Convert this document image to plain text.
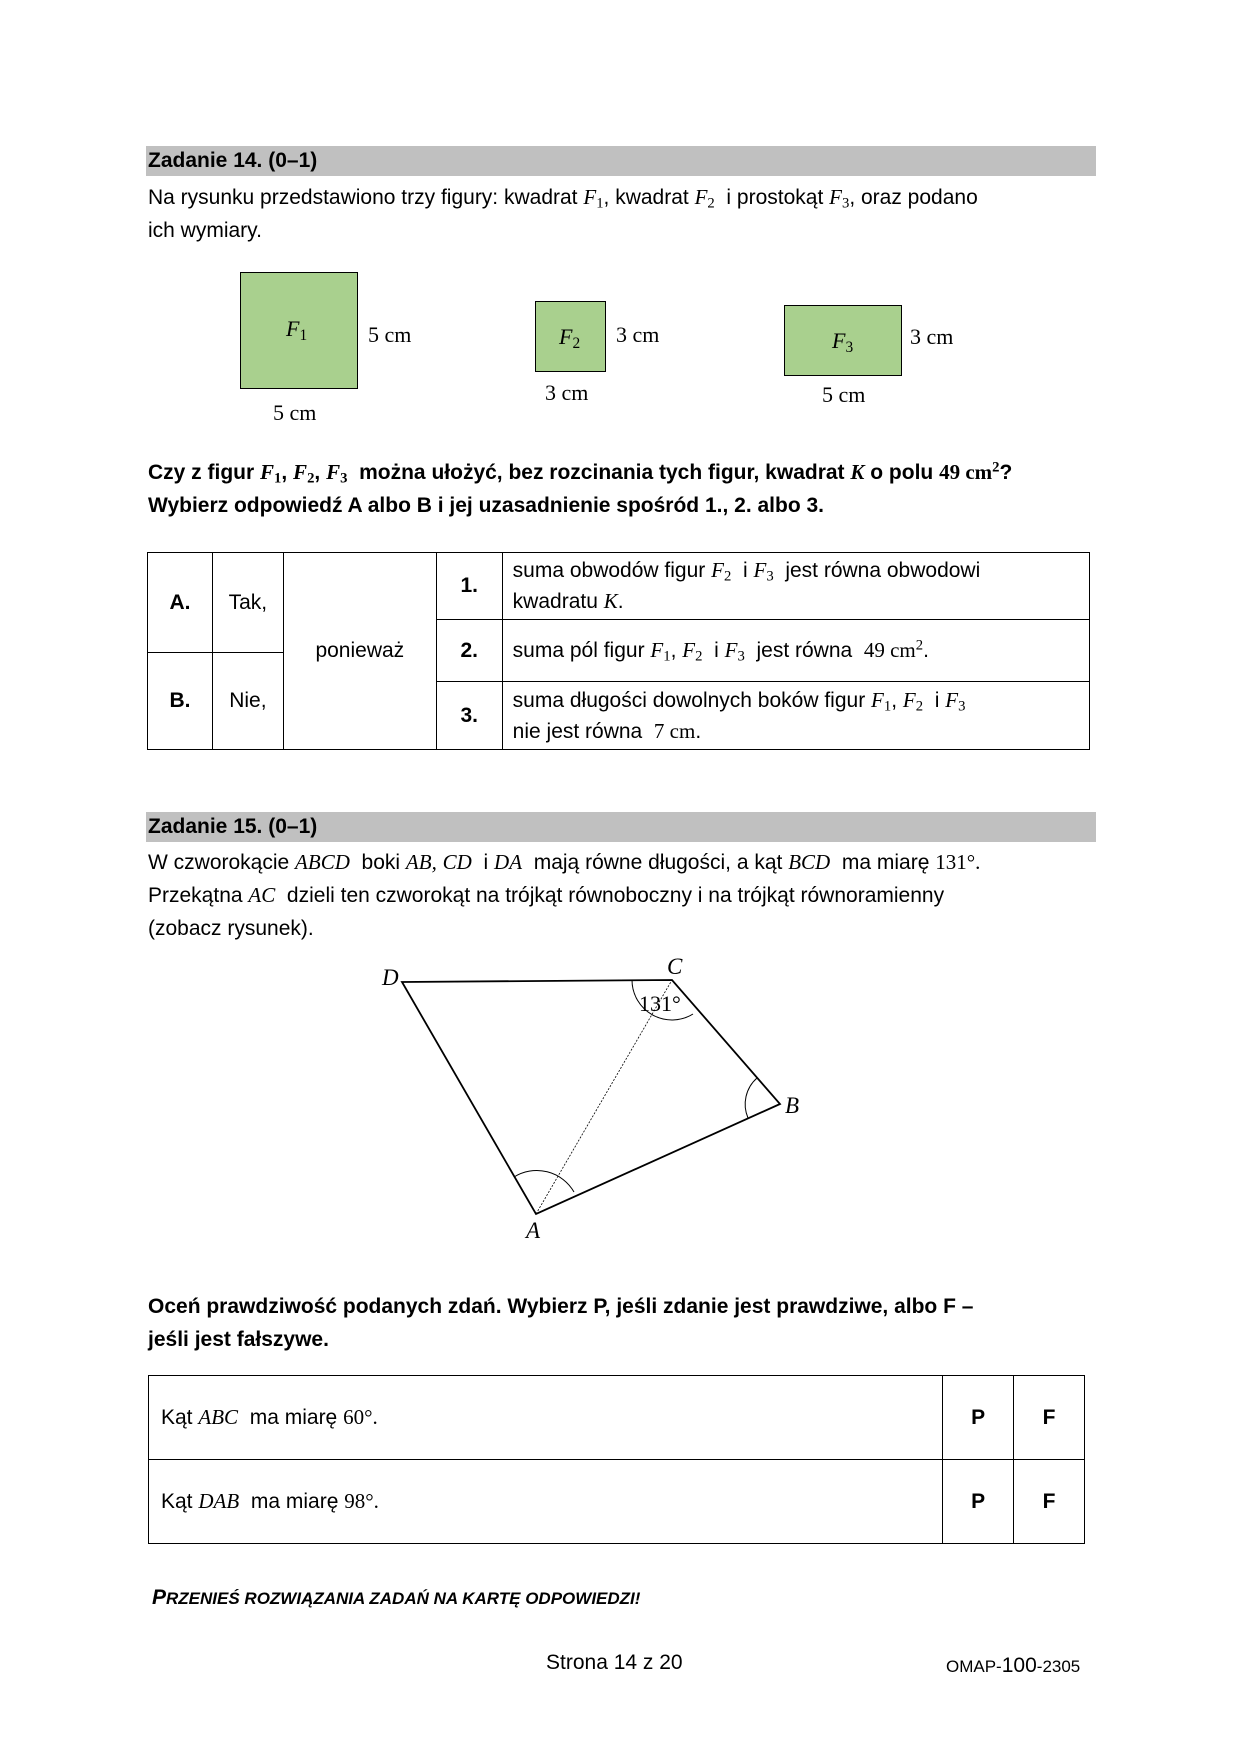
Zadanie 14. (0–1)
Na rysunku przedstawiono trzy figury: kwadrat $F_1$, kwadrat $F_2$ i prostokąt $F_3$, oraz podano
ich wymiary.
$F_1$	5 cm
5 cm
$F_2$ 3 cm
3 cm
$F_3$	3 cm
5 cm
Czy z figur $F_1$, $F_2$, $F_3$ można ułożyć, bez rozcinania tych figur, kwadrat K o polu 49 $cm^2$?
Wybierz odpowiedź A albo B i jej uzasadnienie spośród 1., 2. albo 3.
A.	Tak,	ponieważ	1.	suma obwodów figur $F_2$ i $F_3$ jest równa obwodowi
kwadratu K.
			2.	suma pól figur $F_1$, $F_2$ i $F_3$ jest równa 49 $cm^2$.
B.	Nie,			
			3.	suma długości dowolnych boków figur $F_1$, $F_2$ i $F_3$
nie jest równa 7 cm.
Zadanie 15. (0–1)
W czworokącie ABCD boki AB, CD i DA mają równe długości, a kąt BCD ma miarę 131°.
Przekątna AC dzieli ten czworokąt na trójkąt równoboczny i na trójkąt równoramienny
(zobacz rysunek).
D	C
B
A
131°
Oceń prawdziwość podanych zdań. Wybierz P, jeśli zdanie jest prawdziwe, albo F –
jeśli jest fałszywe.
Kąt ABC ma miarę 60°.	P	F
Kąt DAB ma miarę 98°.	P	F
PRZENIEŚ ROZWIĄZANIA ZADAŃ NA KARTĘ ODPOWIEDZI!
Strona 14 z 20	OMAP-100-2305
